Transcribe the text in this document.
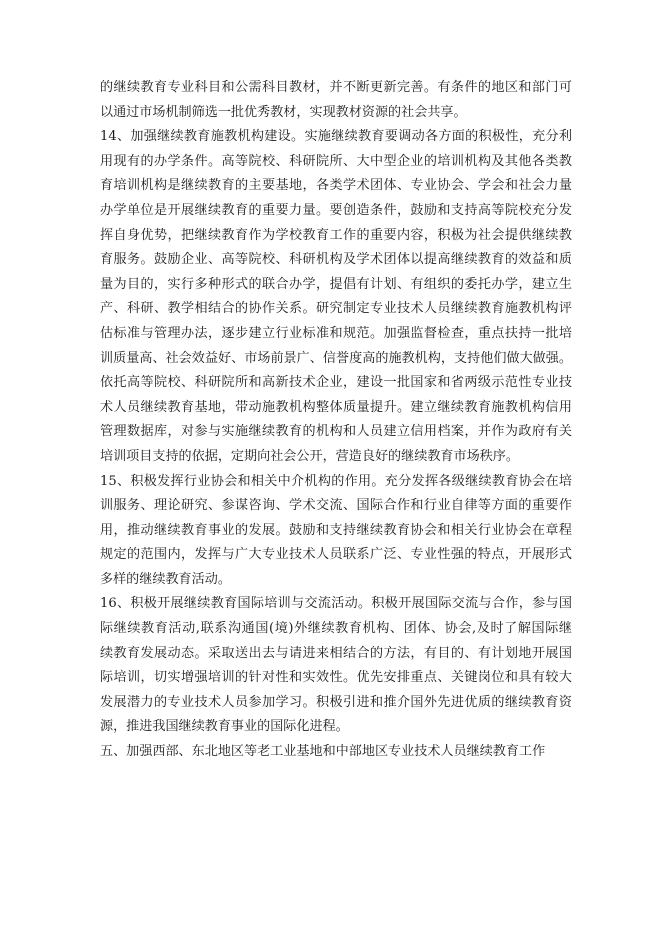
的继续教育专业科目和公需科目教材，并不断更新完善。有条件的地区和部门可
以通过市场机制筛选一批优秀教材，实现教材资源的社会共享。
14、加强继续教育施教机构建设。实施继续教育要调动各方面的积极性，充分利
用现有的办学条件。高等院校、科研院所、大中型企业的培训机构及其他各类教
育培训机构是继续教育的主要基地，各类学术团体、专业协会、学会和社会力量
办学单位是开展继续教育的重要力量。要创造条件，鼓励和支持高等院校充分发
挥自身优势，把继续教育作为学校教育工作的重要内容，积极为社会提供继续教
育服务。鼓励企业、高等院校、科研机构及学术团体以提高继续教育的效益和质
量为目的，实行多种形式的联合办学，提倡有计划、有组织的委托办学，建立生
产、科研、教学相结合的协作关系。研究制定专业技术人员继续教育施教机构评
估标准与管理办法，逐步建立行业标准和规范。加强监督检查，重点扶持一批培
训质量高、社会效益好、市场前景广、信誉度高的施教机构，支持他们做大做强。
依托高等院校、科研院所和高新技术企业，建设一批国家和省两级示范性专业技
术人员继续教育基地，带动施教机构整体质量提升。建立继续教育施教机构信用
管理数据库，对参与实施继续教育的机构和人员建立信用档案，并作为政府有关
培训项目支持的依据，定期向社会公开，营造良好的继续教育市场秩序。
15、积极发挥行业协会和相关中介机构的作用。充分发挥各级继续教育协会在培
训服务、理论研究、参谋咨询、学术交流、国际合作和行业自律等方面的重要作
用，推动继续教育事业的发展。鼓励和支持继续教育协会和相关行业协会在章程
规定的范围内，发挥与广大专业技术人员联系广泛、专业性强的特点，开展形式
多样的继续教育活动。
16、积极开展继续教育国际培训与交流活动。积极开展国际交流与合作，参与国
际继续教育活动,联系沟通国(境)外继续教育机构、团体、协会,及时了解国际继
续教育发展动态。采取送出去与请进来相结合的方法，有目的、有计划地开展国
际培训，切实增强培训的针对性和实效性。优先安排重点、关键岗位和具有较大
发展潜力的专业技术人员参加学习。积极引进和推介国外先进优质的继续教育资
源，推进我国继续教育事业的国际化进程。
五、加强西部、东北地区等老工业基地和中部地区专业技术人员继续教育工作
